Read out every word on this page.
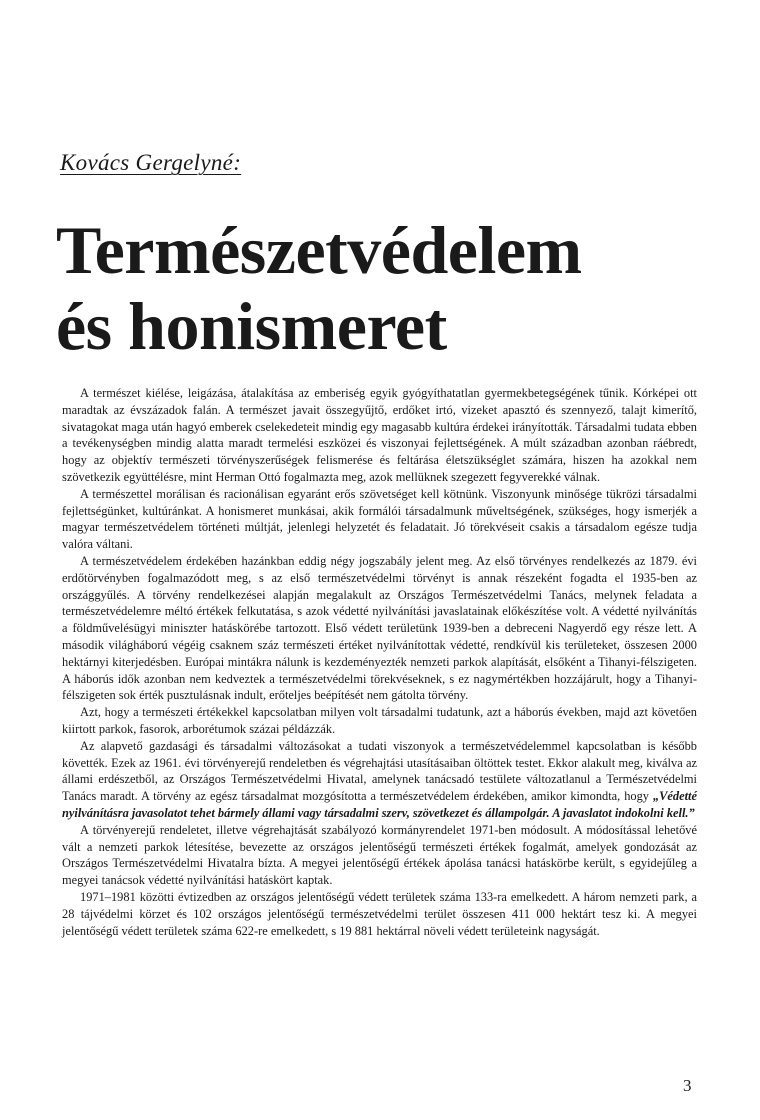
Kovács Gergelyné:
Természetvédelem
és honismeret

A természet kiélése, leigázása, átalakítása az emberiség egyik gyógyíthatatlan gyermekbetegségének tűnik. Kórképei ott maradtak az évszázadok falán. A természet javait összegyűjtő, erdőket irtó, vizeket apasztó és szennyező, talajt kimerítő, sivatagokat maga után hagyó emberek cselekedeteit mindig egy magasabb kultúra érdekei irányították. Társadalmi tudata ebben a tevékenységben mindig alatta maradt termelési eszközei és viszonyai fejlettségének. A múlt században azonban ráébredt, hogy az objektív természeti törvényszerűségek felismerése és feltárása életszükséglet számára, hiszen ha azokkal nem szövetkezik együttélésre, mint Herman Ottó fogalmazta meg, azok mellüknek szegezett fegyverekké válnak.

A természettel morálisan és racionálisan egyaránt erős szövetséget kell kötnünk. Viszonyunk minősége tükrözi társadalmi fejlettségünket, kultúránkat. A honismeret munkásai, akik formálói társadalmunk műveltségének, szükséges, hogy ismerjék a magyar természetvédelem történeti múltját, jelenlegi helyzetét és feladatait. Jó törekvéseit csakis a társadalom egésze tudja valóra váltani.

A természetvédelem érdekében hazánkban eddig négy jogszabály jelent meg. Az első törvényes rendelkezés az 1879. évi erdőtörvényben fogalmazódott meg, s az első természetvédelmi törvényt is annak részeként fogadta el 1935-ben az országgyűlés. A törvény rendelkezései alapján megalakult az Országos Természetvédelmi Tanács, melynek feladata a természetvédelemre méltó értékek felkutatása, s azok védetté nyilvánítási javaslatainak előkészítése volt. A védetté nyilvánítás a földművelésügyi miniszter hatáskörébe tartozott. Első védett területünk 1939-ben a debreceni Nagyerdő egy része lett. A második világháború végéig csaknem száz természeti értéket nyilvánítottak védetté, rendkívül kis területeket, összesen 2000 hektárnyi kiterjedésben. Európai mintákra nálunk is kezdeményezték nemzeti parkok alapítását, elsőként a Tihanyi-félszigeten. A háborús idők azonban nem kedveztek a természetvédelmi törekvéseknek, s ez nagymértékben hozzájárult, hogy a Tihanyi-félszigeten sok érték pusztulásnak indult, erőteljes beépítését nem gátolta törvény.

Azt, hogy a természeti értékekkel kapcsolatban milyen volt társadalmi tudatunk, azt a háborús években, majd azt követően kiirtott parkok, fasorok, arborétumok százai példázzák.

Az alapvető gazdasági és társadalmi változásokat a tudati viszonyok a természetvédelemmel kapcsolatban is később követték. Ezek az 1961. évi törvényerejű rendeletben és végrehajtási utasításaiban öltöttek testet. Ekkor alakult meg, kiválva az állami erdészetből, az Országos Természetvédelmi Hivatal, amelynek tanácsadó testülete változatlanul a Természetvédelmi Tanács maradt. A törvény az egész társadalmat mozgósította a természetvédelem érdekében, amikor kimondta, hogy „Védetté nyilvánításra javasolatot tehet bármely állami vagy társadalmi szerv, szövetkezet és állampolgár. A javaslatot indokolni kell.”

A törvényerejű rendeletet, illetve végrehajtását szabályozó kormányrendelet 1971-ben módosult. A módosítással lehetővé vált a nemzeti parkok létesítése, bevezette az országos jelentőségű természeti értékek fogalmát, amelyek gondozását az Országos Természetvédelmi Hivatalra bízta. A megyei jelentőségű értékek ápolása tanácsi hatáskörbe került, s egyidejűleg a megyei tanácsok védetté nyilvánítási hatáskört kaptak.

1971–1981 közötti évtizedben az országos jelentőségű védett területek száma 133-ra emelkedett. A három nemzeti park, a 28 tájvédelmi körzet és 102 országos jelentőségű természetvédelmi terület összesen 411 000 hektárt tesz ki. A megyei jelentőségű védett területek száma 622-re emelkedett, s 19 881 hektárral növeli védett területeink nagyságát.

3
